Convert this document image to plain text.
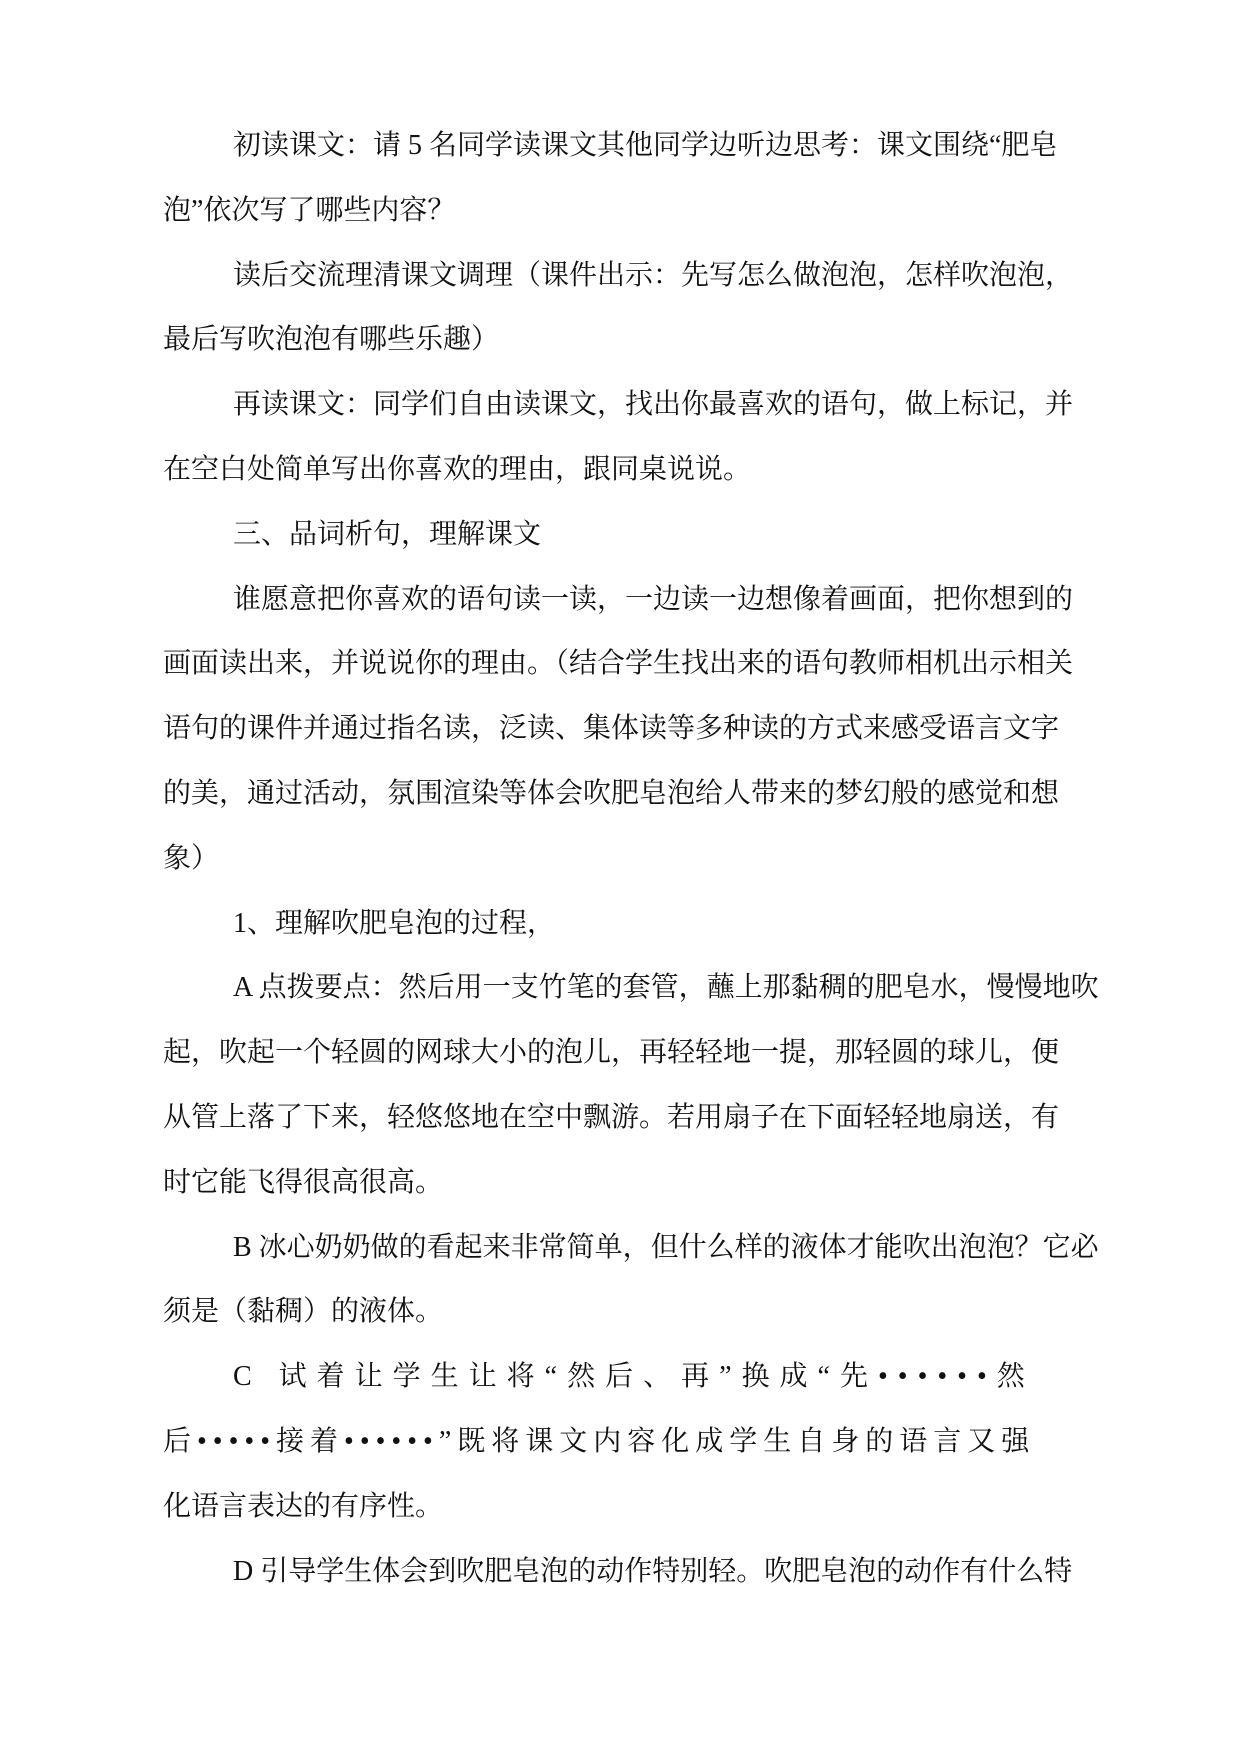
初读课文：请 5 名同学读课文其他同学边听边思考：课文围绕“肥皂
泡”依次写了哪些内容？
读后交流理清课文调理（课件出示：先写怎么做泡泡，怎样吹泡泡，
最后写吹泡泡有哪些乐趣）
再读课文：同学们自由读课文，找出你最喜欢的语句，做上标记，并
在空白处简单写出你喜欢的理由，跟同桌说说。
三、品词析句，理解课文
谁愿意把你喜欢的语句读一读，一边读一边想像着画面，把你想到的
画面读出来，并说说你的理由。（结合学生找出来的语句教师相机出示相关
语句的课件并通过指名读，泛读、集体读等多种读的方式来感受语言文字
的美，通过活动，氛围渲染等体会吹肥皂泡给人带来的梦幻般的感觉和想
象）
1、理解吹肥皂泡的过程，
A 点拨要点：然后用一支竹笔的套管，蘸上那黏稠的肥皂水，慢慢地吹
起，吹起一个轻圆的网球大小的泡儿，再轻轻地一提，那轻圆的球儿，便
从管上落了下来，轻悠悠地在空中飘游。若用扇子在下面轻轻地扇送，有
时它能飞得很高很高。
B 冰心奶奶做的看起来非常简单，但什么样的液体才能吹出泡泡？它必
须是（黏稠）的液体。
C 试着让学生让将“然后、再”换成“先••••••然
后•••••接着••••••”既将课文内容化成学生自身的语言又强
化语言表达的有序性。
D 引导学生体会到吹肥皂泡的动作特别轻。吹肥皂泡的动作有什么特
